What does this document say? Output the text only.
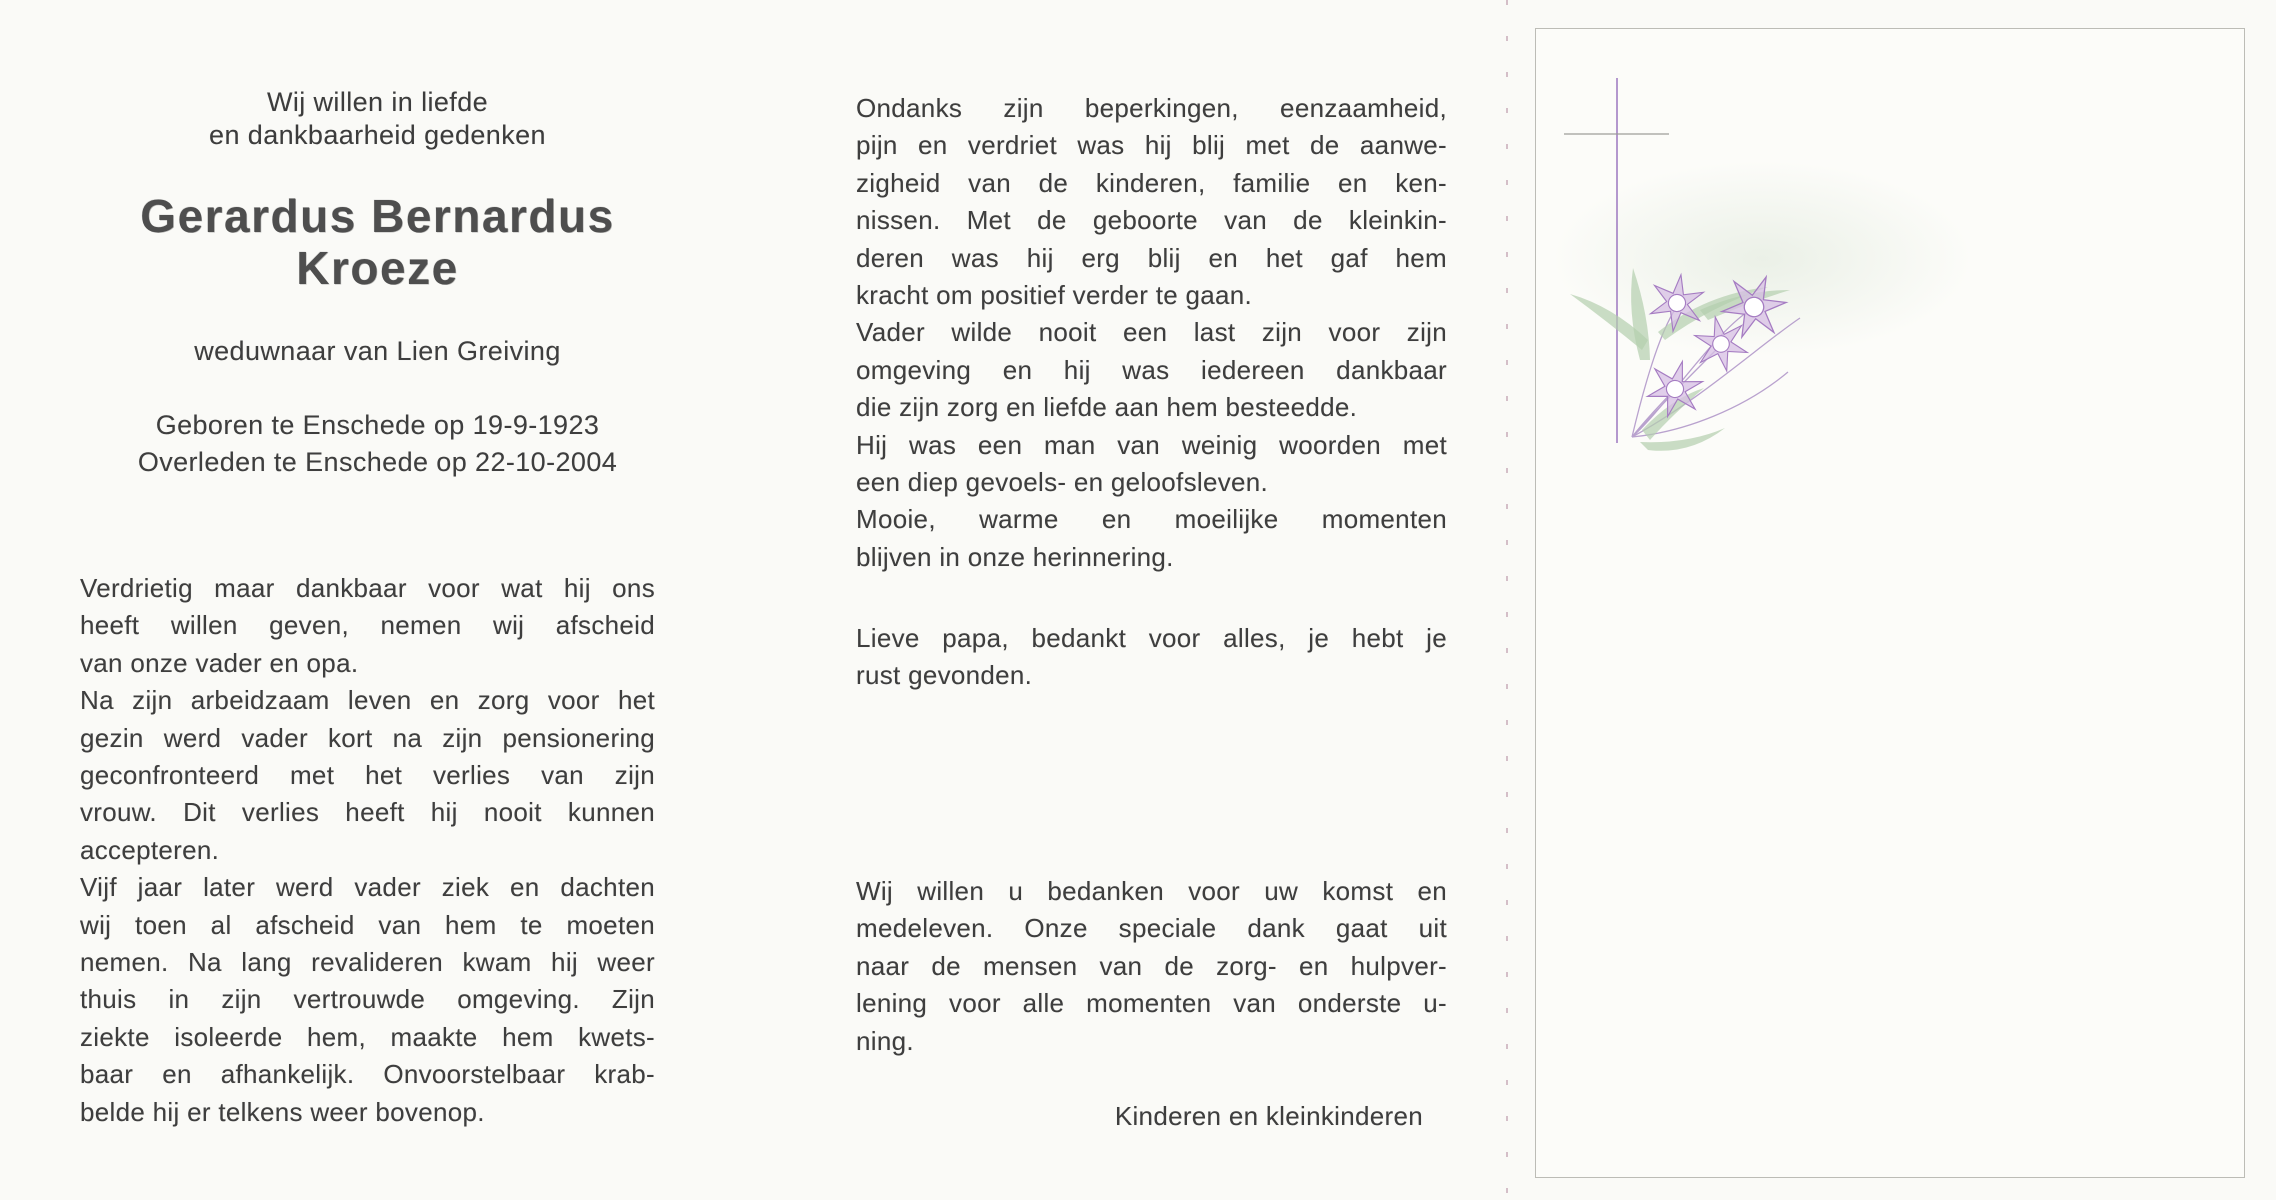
Wij willen in liefde
en dankbaarheid gedenken
Gerardus Bernardus
Kroeze
weduwnaar van Lien Greiving
Geboren te Enschede op 19-9-1923
Overleden te Enschede op 22-10-2004
Verdrietig maar dankbaar voor wat hij ons
heeft willen geven, nemen wij afscheid
van onze vader en opa.
Na zijn arbeidzaam leven en zorg voor het
gezin werd vader kort na zijn pensionering
geconfronteerd met het verlies van zijn
vrouw. Dit verlies heeft hij nooit kunnen
accepteren.
Vijf jaar later werd vader ziek en dachten
wij toen al afscheid van hem te moeten
nemen. Na lang revalideren kwam hij weer
thuis in zijn vertrouwde omgeving. Zijn
ziekte isoleerde hem, maakte hem kwets-
baar en afhankelijk. Onvoorstelbaar krab-
belde hij er telkens weer bovenop.
Ondanks zijn beperkingen, eenzaamheid,
pijn en verdriet was hij blij met de aanwe-
zigheid van de kinderen, familie en ken-
nissen. Met de geboorte van de kleinkin-
deren was hij erg blij en het gaf hem
kracht om positief verder te gaan.
Vader wilde nooit een last zijn voor zijn
omgeving en hij was iedereen dankbaar
die zijn zorg en liefde aan hem besteedde.
Hij was een man van weinig woorden met
een diep gevoels- en geloofsleven.
Mooie, warme en moeilijke momenten
blijven in onze herinnering.
Lieve papa, bedankt voor alles, je hebt je
rust gevonden.
Wij willen u bedanken voor uw komst en
medeleven. Onze speciale dank gaat uit
naar de mensen van de zorg- en hulpver-
lening voor alle momenten van onderste u-
ning.
Kinderen en kleinkinderen
